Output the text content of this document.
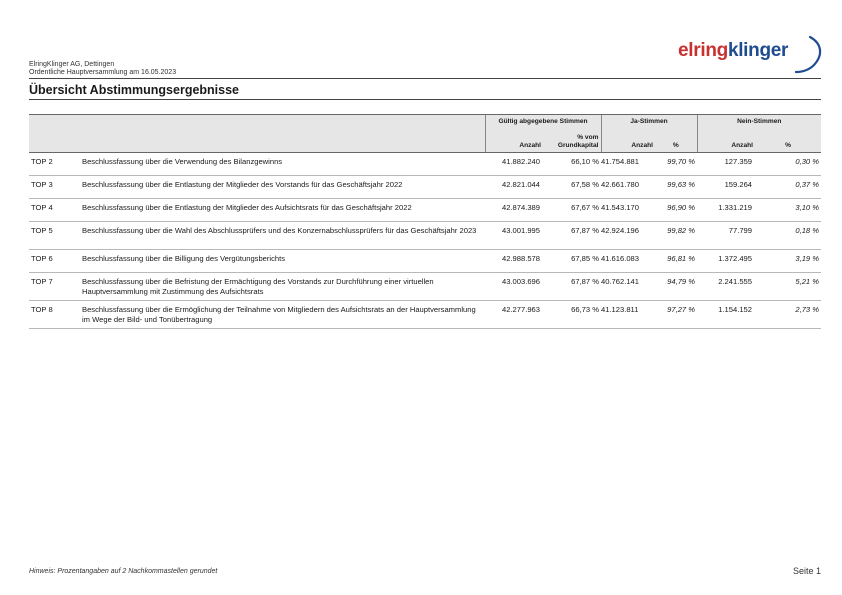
ElringKlinger AG, Dettingen
Ordentliche Hauptversammlung am 16.05.2023
elringklinger
Übersicht Abstimmungsergebnisse
		Gültig abgegebene Stimmen		Ja-Stimmen		Nein-Stimmen	
		Anzahl	% vom Grundkapital	Anzahl	%	Anzahl	%
TOP 2	Beschlussfassung über die Verwendung des Bilanzgewinns	41.882.240	66,10 %	41.754.881	99,70 %	127.359	0,30 %
TOP 3	Beschlussfassung über die Entlastung der Mitglieder des Vorstands für das Geschäftsjahr 2022	42.821.044	67,58 %	42.661.780	99,63 %	159.264	0,37 %
TOP 4	Beschlussfassung über die Entlastung der Mitglieder des Aufsichtsrats für das Geschäftsjahr 2022	42.874.389	67,67 %	41.543.170	96,90 %	1.331.219	3,10 %
TOP 5	Beschlussfassung über die Wahl des Abschlussprüfers und des Konzernabschlussprüfers für das Geschäftsjahr 2023	43.001.995	67,87 %	42.924.196	99,82 %	77.799	0,18 %
TOP 6	Beschlussfassung über die Billigung des Vergütungsberichts	42.988.578	67,85 %	41.616.083	96,81 %	1.372.495	3,19 %
TOP 7	Beschlussfassung über die Befristung der Ermächtigung des Vorstands zur Durchführung einer virtuellen Hauptversammlung mit Zustimmung des Aufsichtsrats	43.003.696	67,87 %	40.762.141	94,79 %	2.241.555	5,21 %
TOP 8	Beschlussfassung über die Ermöglichung der Teilnahme von Mitgliedern des Aufsichtsrats an der Hauptversammlung im Wege der Bild- und Tonübertragung	42.277.963	66,73 %	41.123.811	97,27 %	1.154.152	2,73 %
Hinweis: Prozentangaben auf 2 Nachkommastellen gerundet	Seite 1
